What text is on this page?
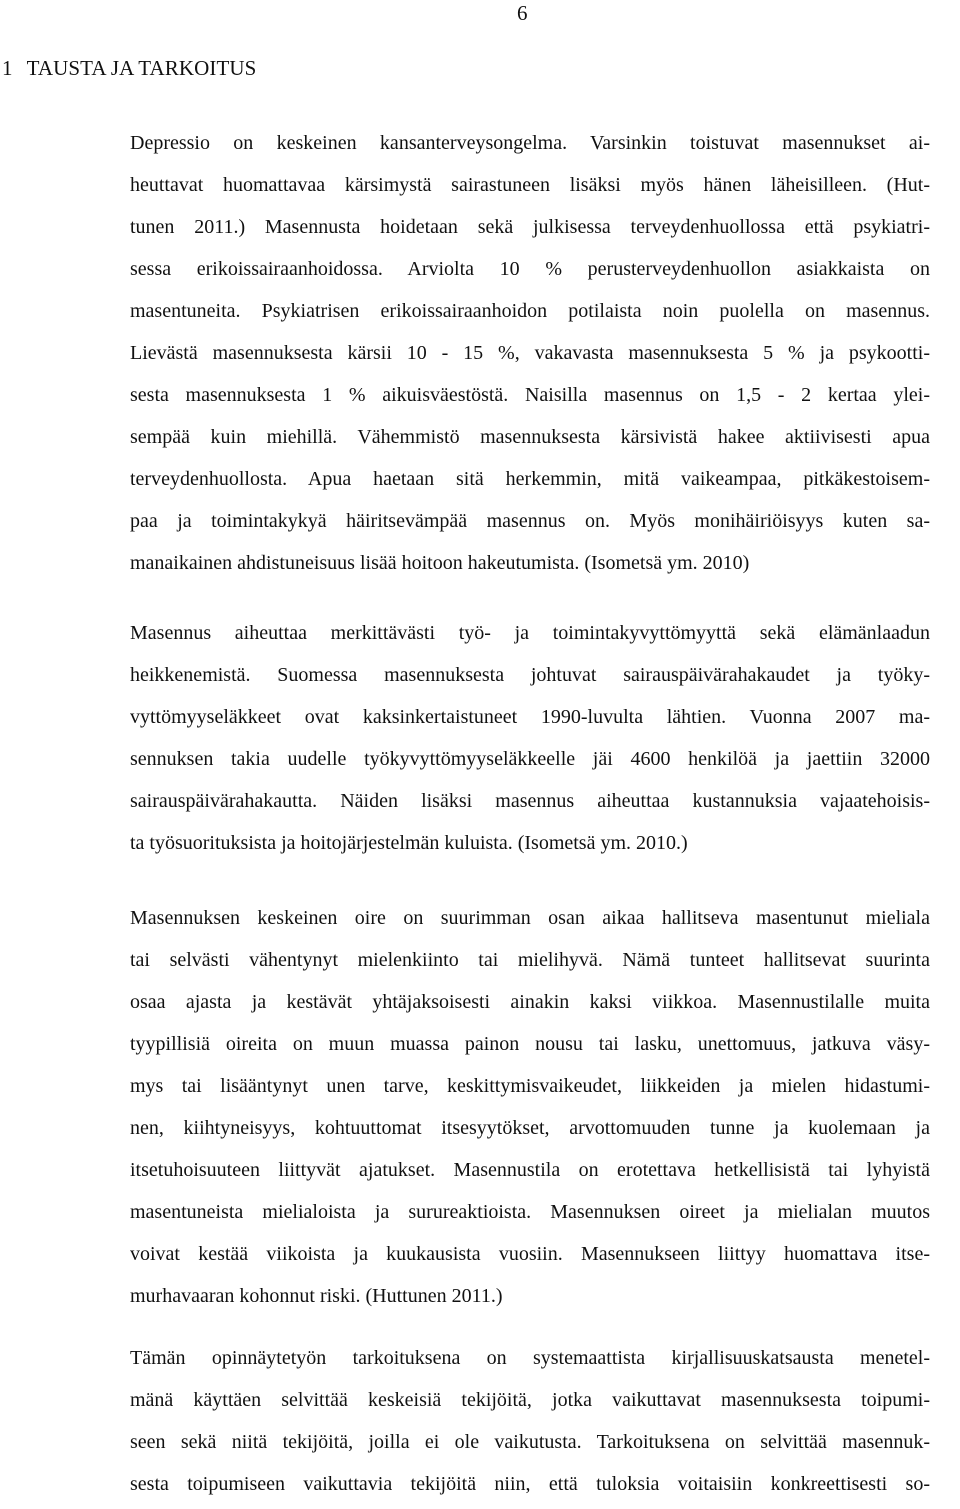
6
1 TAUSTA JA TARKOITUS
Depressio on keskeinen kansanterveysongelma. Varsinkin toistuvat masennukset ai-
heuttavat huomattavaa kärsimystä sairastuneen lisäksi myös hänen läheisilleen. (Hut-
tunen 2011.) Masennusta hoidetaan sekä julkisessa terveydenhuollossa että psykiatri-
sessa erikoissairaanhoidossa. Arviolta 10 % perusterveydenhuollon asiakkaista on
masentuneita. Psykiatrisen erikoissairaanhoidon potilaista noin puolella on masennus.
Lievästä masennuksesta kärsii 10 - 15 %, vakavasta masennuksesta 5 % ja psykootti-
sesta masennuksesta 1 % aikuisväestöstä. Naisilla masennus on 1,5 - 2 kertaa ylei-
sempää kuin miehillä. Vähemmistö masennuksesta kärsivistä hakee aktiivisesti apua
terveydenhuollosta. Apua haetaan sitä herkemmin, mitä vaikeampaa, pitkäkestoisem-
paa ja toimintakykyä häiritsevämpää masennus on. Myös monihäiriöisyys kuten sa-
manaikainen ahdistuneisuus lisää hoitoon hakeutumista. (Isometsä ym. 2010)
Masennus aiheuttaa merkittävästi työ- ja toimintakyvyttömyyttä sekä elämänlaadun
heikkenemistä. Suomessa masennuksesta johtuvat sairauspäivärahakaudet ja työky-
vyttömyyseläkkeet ovat kaksinkertaistuneet 1990-luvulta lähtien. Vuonna 2007 ma-
sennuksen takia uudelle työkyvyttömyyseläkkeelle jäi 4600 henkilöä ja jaettiin 32000
sairauspäivärahakautta. Näiden lisäksi masennus aiheuttaa kustannuksia vajaatehoisis-
ta työsuorituksista ja hoitojärjestelmän kuluista. (Isometsä ym. 2010.)
Masennuksen keskeinen oire on suurimman osan aikaa hallitseva masentunut mieliala
tai selvästi vähentynyt mielenkiinto tai mielihyvä. Nämä tunteet hallitsevat suurinta
osaa ajasta ja kestävät yhtäjaksoisesti ainakin kaksi viikkoa. Masennustilalle muita
tyypillisiä oireita on muun muassa painon nousu tai lasku, unettomuus, jatkuva väsy-
mys tai lisääntynyt unen tarve, keskittymisvaikeudet, liikkeiden ja mielen hidastumi-
nen, kiihtyneisyys, kohtuuttomat itsesyytökset, arvottomuuden tunne ja kuolemaan ja
itsetuhoisuuteen liittyvät ajatukset. Masennustila on erotettava hetkellisistä tai lyhyistä
masentuneista mielialoista ja surureaktioista. Masennuksen oireet ja mielialan muutos
voivat kestää viikoista ja kuukausista vuosiin. Masennukseen liittyy huomattava itse-
murhavaaran kohonnut riski. (Huttunen 2011.)
Tämän opinnäytetyön tarkoituksena on systemaattista kirjallisuuskatsausta menetel-
mänä käyttäen selvittää keskeisiä tekijöitä, jotka vaikuttavat masennuksesta toipumi-
seen sekä niitä tekijöitä, joilla ei ole vaikutusta. Tarkoituksena on selvittää masennuk-
sesta toipumiseen vaikuttavia tekijöitä niin, että tuloksia voitaisiin konkreettisesti so-
